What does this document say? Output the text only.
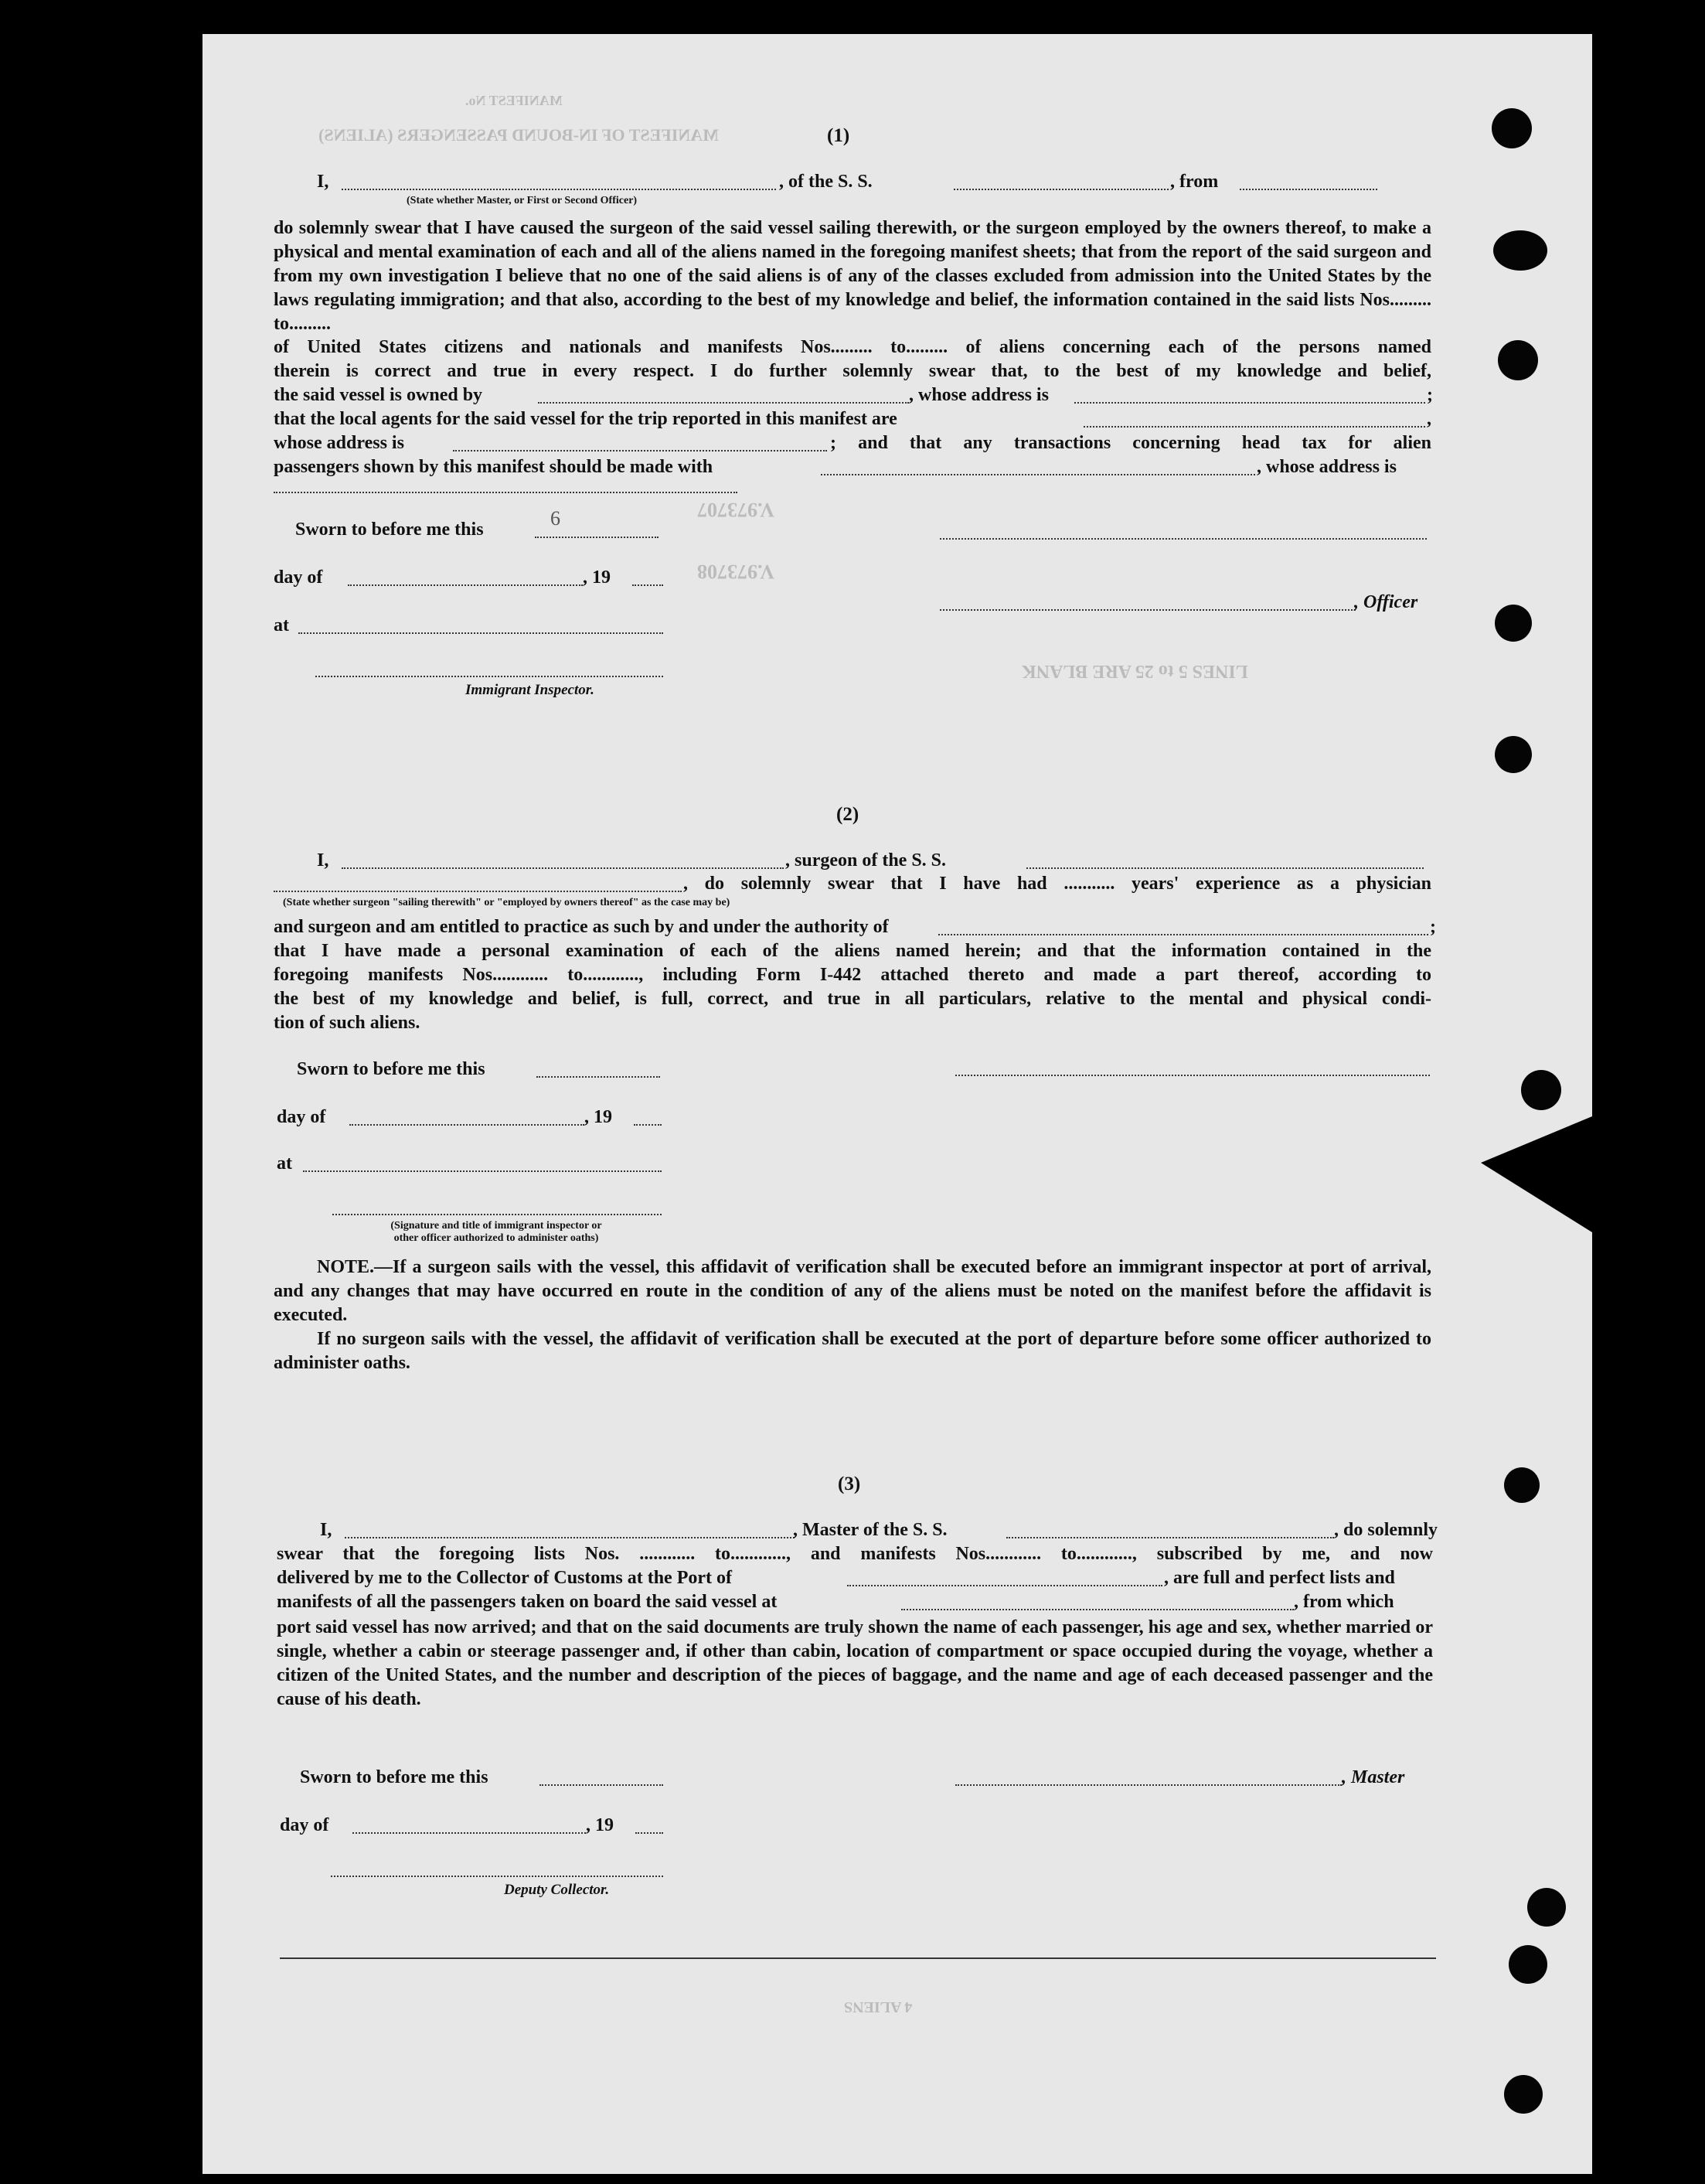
MANIFEST OF IN-BOUND PASSENGERS (ALIENS)
MANIFEST No.
V.973707
V.973708
LINES 5 to 25 ARE BLANK
4 ALIENS
(1)
I,	, of the S. S.	, from
(State whether Master, or First or Second Officer)
do solemnly swear that I have caused the surgeon of the said vessel sailing therewith, or the surgeon employed by the owners thereof, to make a physical and mental examination of each and all of the aliens named in the foregoing manifest sheets; that from the report of the said surgeon and from my own investigation I believe that no one of the said aliens is of any of the classes excluded from admission into the United States by the laws regulating immigration; and that also, according to the best of my knowledge and belief, the information contained in the said lists Nos......... to.........
of United States citizens and nationals and manifests Nos......... to......... of aliens concerning each of the persons named
therein is correct and true in every respect. I do further solemnly swear that, to the best of my knowledge and belief,
the said vessel is owned by	, whose address is	;
that the local agents for the said vessel for the trip reported in this manifest are	,
whose address is	; and that any transactions concerning head tax for alien
passengers shown by this manifest should be made with	, whose address is
Sworn to before me this	6
day of	, 19
, Officer
at
Immigrant Inspector.
(2)
I,	, surgeon of the S. S.
, do solemnly swear that I have had ........... years' experience as a physician
(State whether surgeon "sailing therewith" or "employed by owners thereof" as the case may be)
and surgeon and am entitled to practice as such by and under the authority of	;
that I have made a personal examination of each of the aliens named herein; and that the information contained in the
foregoing manifests Nos............ to............, including Form I-442 attached thereto and made a part thereof, according to
the best of my knowledge and belief, is full, correct, and true in all particulars, relative to the mental and physical condi-
tion of such aliens.
Sworn to before me this
day of	, 19
at
(Signature and title of immigrant inspector or
other officer authorized to administer oaths)
NOTE.—If a surgeon sails with the vessel, this affidavit of verification shall be executed before an immigrant inspector at port of arrival, and any changes that may have occurred en route in the condition of any of the aliens must be noted on the manifest before the affidavit is executed.
If no surgeon sails with the vessel, the affidavit of verification shall be executed at the port of departure before some officer authorized to administer oaths.
(3)
I,	, Master of the S. S.	, do solemnly
swear that the foregoing lists Nos. ............ to............, and manifests Nos............ to............, subscribed by me, and now
delivered by me to the Collector of Customs at the Port of	, are full and perfect lists and
manifests of all the passengers taken on board the said vessel at	, from which
port said vessel has now arrived; and that on the said documents are truly shown the name of each passenger, his age and sex, whether married or single, whether a cabin or steerage passenger and, if other than cabin, location of compartment or space occupied during the voyage, whether a citizen of the United States, and the number and description of the pieces of baggage, and the name and age of each deceased passenger and the cause of his death.
Sworn to before me this	, Master
day of	, 19
Deputy Collector.
